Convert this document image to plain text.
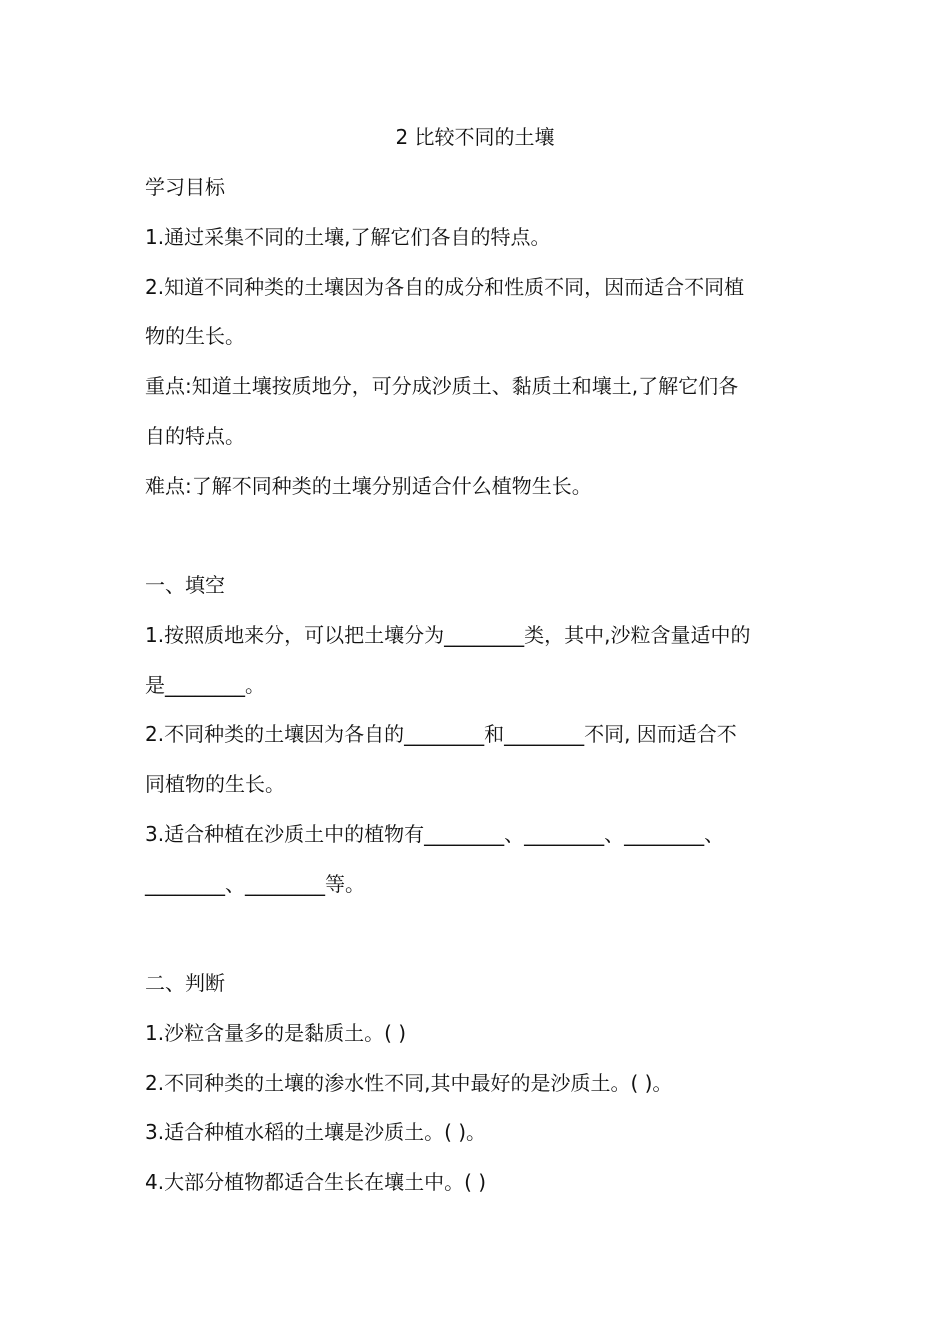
2 比较不同的土壤
学习目标
1.通过采集不同的土壤,了解它们各自的特点。
2.知道不同种类的土壤因为各自的成分和性质不同，因而适合不同植
物的生长。
重点:知道土壤按质地分，可分成沙质土、黏质土和壤土,了解它们各
自的特点。
难点:了解不同种类的土壤分别适合什么植物生长。
一、填空
1.按照质地来分，可以把土壤分为________类，其中,沙粒含量适中的
是________。
2.不同种类的土壤因为各自的________和________不同, 因而适合不
同植物的生长。
3.适合种植在沙质土中的植物有________、________、________、
________、________等。
二、判断
1.沙粒含量多的是黏质土。( )
2.不同种类的土壤的渗水性不同,其中最好的是沙质土。( )。
3.适合种植水稻的土壤是沙质土。( )。
4.大部分植物都适合生长在壤土中。( )
